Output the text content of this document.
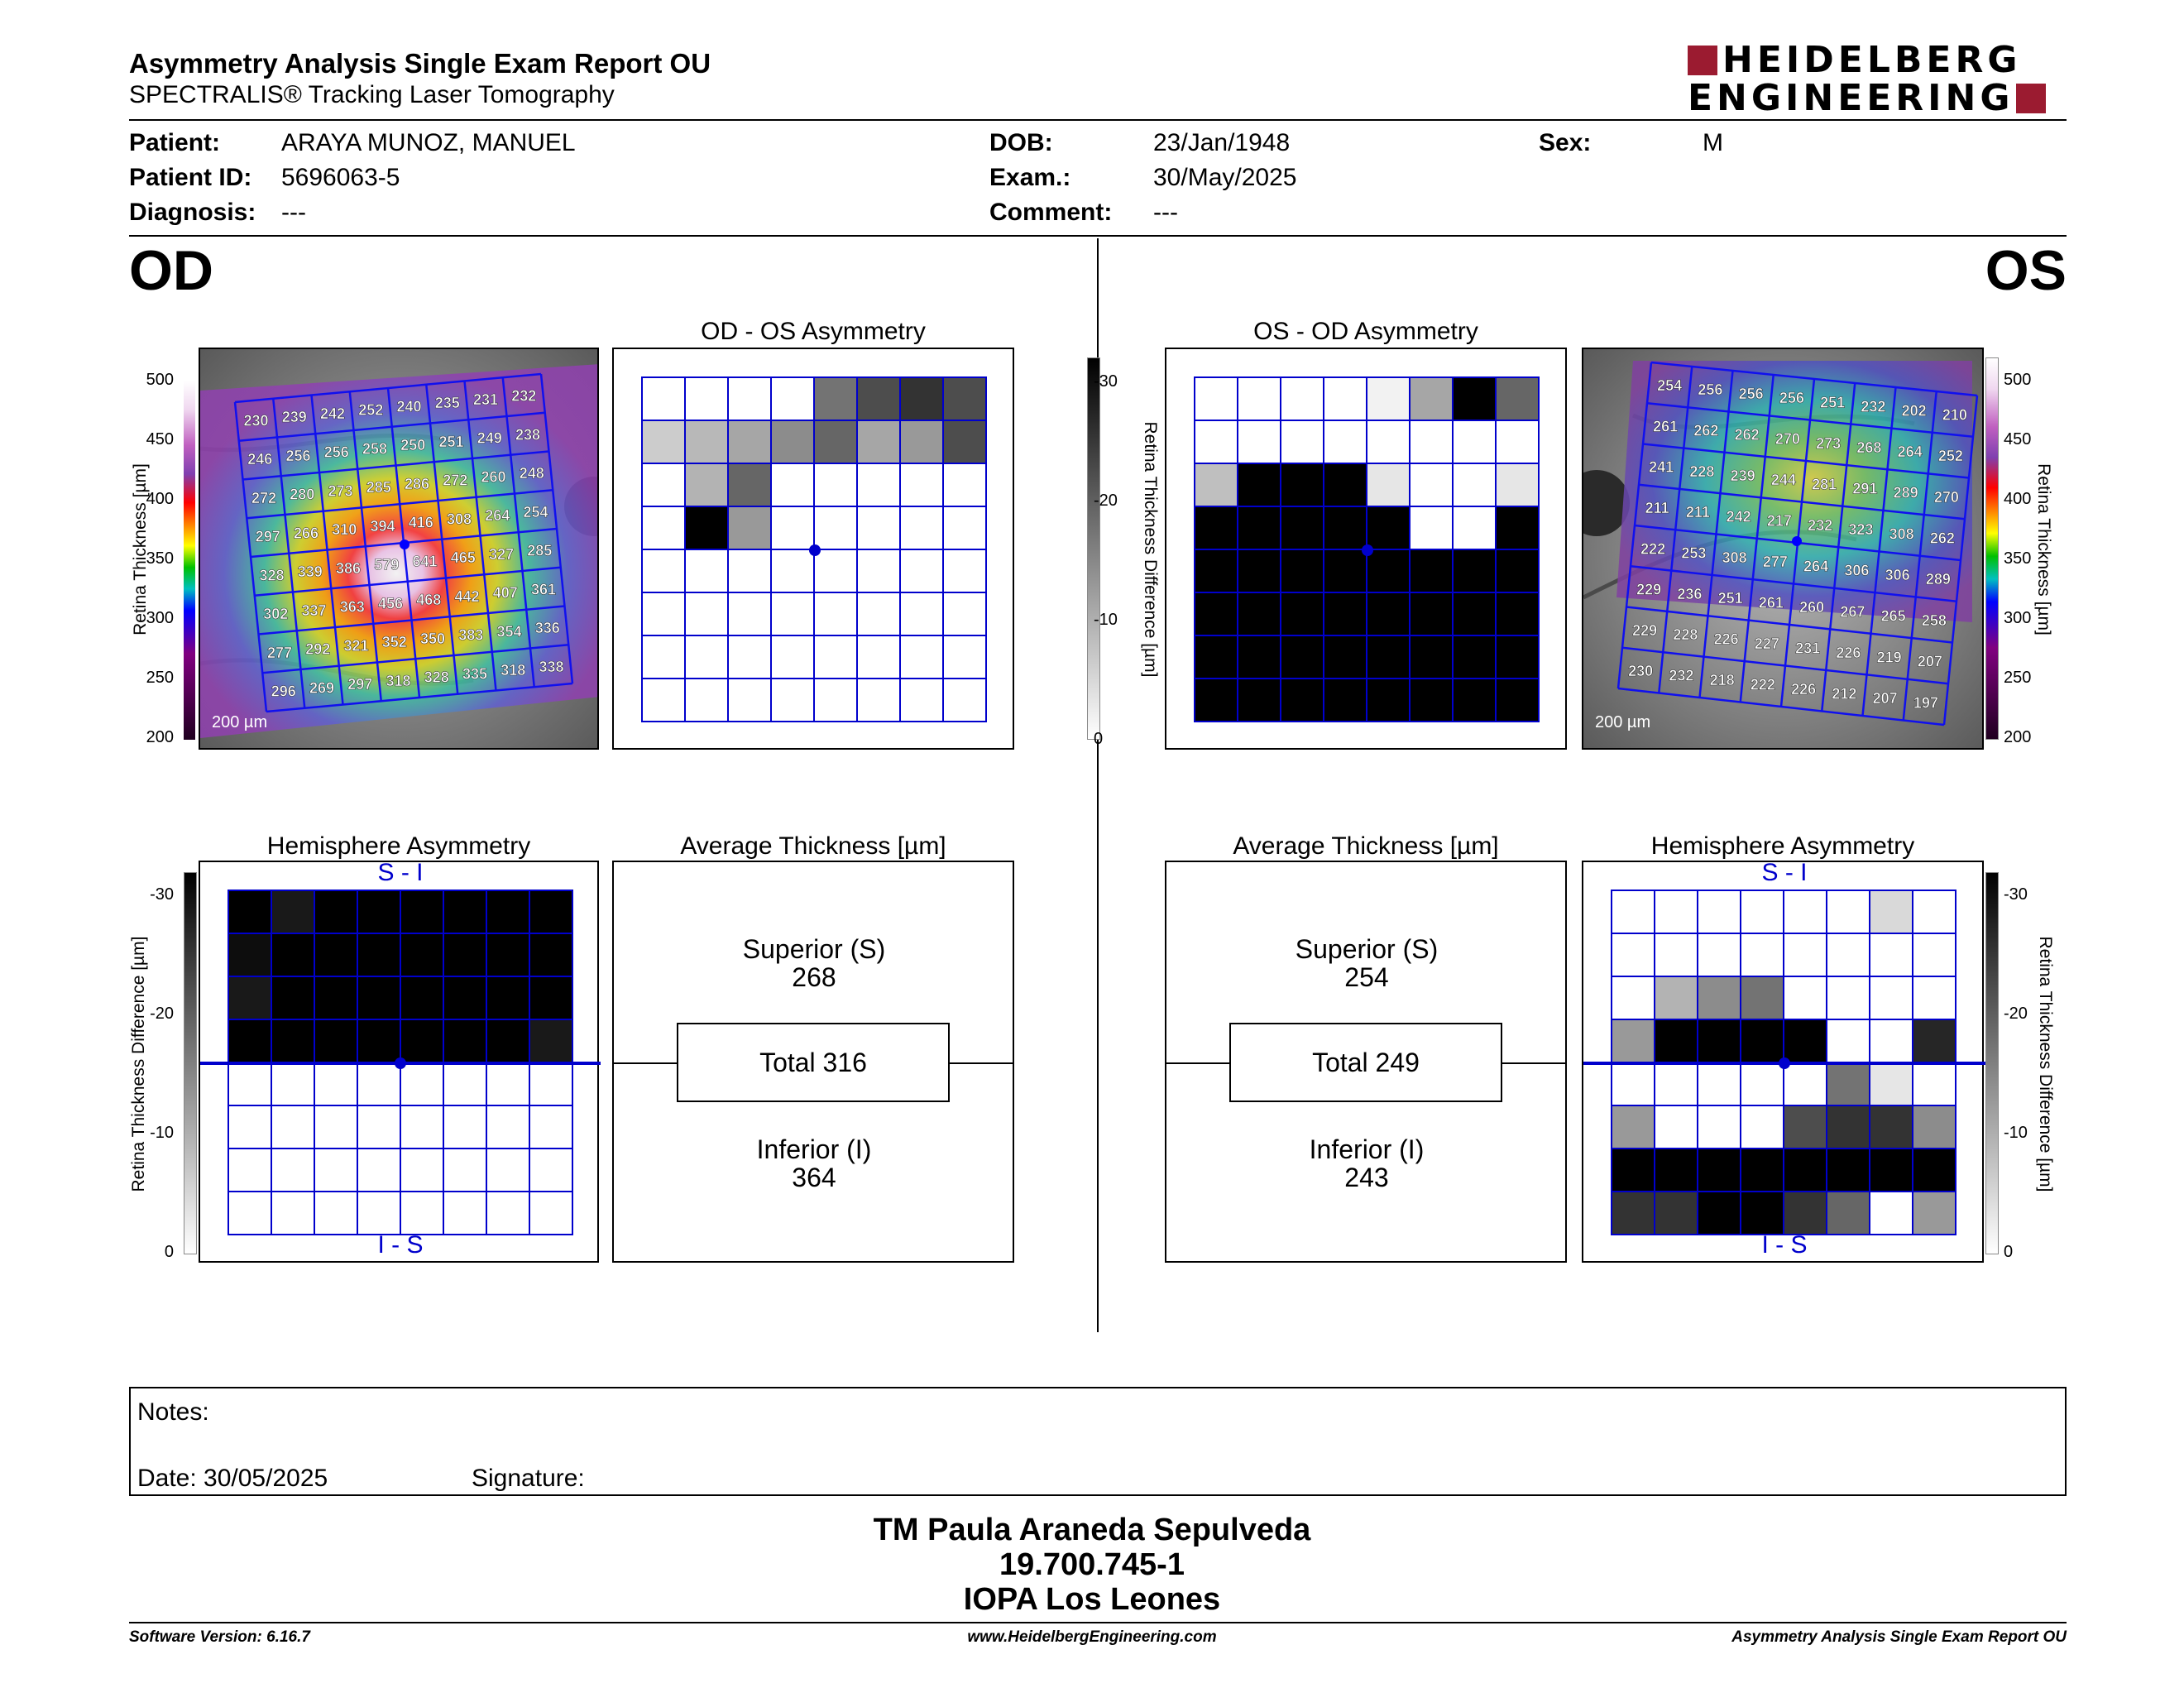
Asymmetry Analysis Single Exam Report OU
SPECTRALIS® Tracking Laser Tomography
HEIDELBERG
ENGINEERING
Patient: ARAYA MUNOZ, MANUEL
Patient ID: 5696063-5
Diagnosis: ---
DOB:	23/Jan/1948
Exam.:	30/May/2025
Comment: ---
Sex:	M
OD	OS
500
450
400
350
300
250
200
Retina Thickness [µm]
230 239 242 252 240 235 231 232
246 256 256 258 250 251 249 238
272 280 273 285 286 272 260 248
297 266 310 394 416 308 264 254
328 339 386 579 641 465 327 285
302 337 363 456 468 442 407 361
277 292 321 352 350 383 354 336
296 269 297 318 328 335 318 338
200 µm
OD - OS Asymmetry
-30
-20
-10
0
Retina Thickness Difference [µm]
OS - OD Asymmetry
254 256 256 256 251 232 202 210
261 262 262 270 273 268 264 252
241 228 239 244 281 291 289 270
211 211 242 217 232 323 308 262
222 253 308 277 264 306 306 289
229 236 251 261 260 267 265 258
229 228 226 227 231 226 219 207
230 232 218 222 226 212 207 197
200 µm
500
450
400
350
300
250
200
Retina Thickness [µm]
-30
-20
-10
0
Retina Thickness Difference [µm]
Hemisphere Asymmetry
S - I
I - S
Average Thickness [µm]
Superior (S)
268
Total 316
Inferior (I)
364
Average Thickness [µm]
Superior (S)
254
Total 249
Inferior (I)
243
Hemisphere Asymmetry
S - I
I - S
-30
-20
-10
0
Retina Thickness Difference [µm]
Notes:
Date: 30/05/2025	Signature:
TM Paula Araneda Sepulveda
19.700.745-1
IOPA Los Leones
Software Version: 6.16.7	www.HeidelbergEngineering.com	Asymmetry Analysis Single Exam Report OU
